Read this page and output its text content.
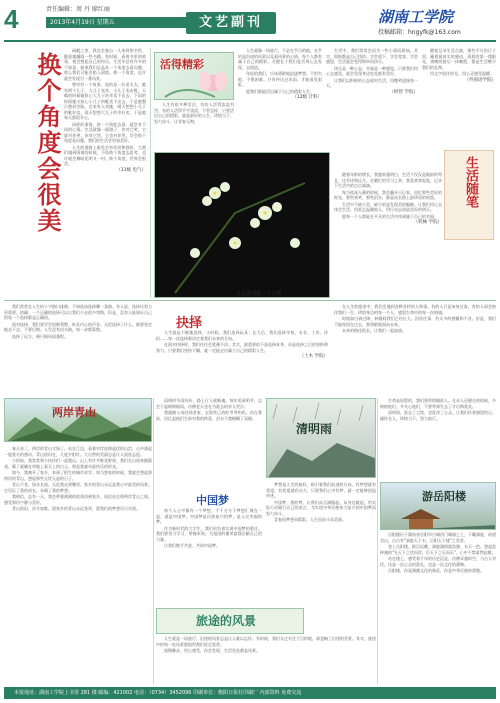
4	责任编辑：周 丹 廖红丽
2013年4月19日 星期五	文艺副刊	湖南工学院
投稿邮箱：hngyfk@163.com
换个角度会很美

闲暇之余，我总会独自一人来到图书馆，随意地翻阅一些书籍。有时候，看着书里的故事，便会想起自己的经历。生活中总有许多的不如意，如果我们总是从一个角度去看问题，那么我们可能会陷入困境。换一个角度，也许就会发现另一番风景。

曾经有一个故事，说的是一位老太太，她有两个儿子，大儿子卖伞，小儿子卖布鞋。天晴的时候她担心大儿子的伞卖不出去，下雨的时候她又担心小儿子的鞋卖不出去，于是她整日愁眉苦脸。后来有人劝她，晴天想想小儿子的鞋好卖，雨天想想大儿子的伞好卖，于是她每天都很开心。

同样的事情，换一个角度去看，就会有不同的心情。生活就像一面镜子，你对它笑，它就对你笑；你对它哭，它也对你哭。学会换个角度看问题，我们的生活会更加美好。

人生的道路上难免会有坎坷和挫折，当我们遇到困难的时候，不妨换个角度去思考，也许就会柳暗花明又一村。换个角度，世界会很美。

（11级 电气）
活得精彩

人生有很多种活法，有的人活得轰轰烈烈，有的人活得平平淡淡。不管怎样，只要活出自己的精彩，就是最好的人生。珍惜当下，努力奋斗，让青春无悔。

人生就像一场旅行，不必在乎目的地，在乎的是沿途的风景以及看风景的心情。每个人都有属于自己的精彩，关键在于我们是否用心去发现、去创造。

年轻的我们，应该勇敢地追逐梦想，不怕失败，不惧困难。只有经历过风雨，才能看见彩虹。

愿我们都能活出属于自己的精彩人生。

（12级 计科）

生活中，我们常常会因为一些小事而烦恼。其实，烦恼都是自己找的。学会放下，学会宽容，学会感恩，生活就会变得简单而快乐。

快乐是一种心态，幸福是一种感觉。只要我们用心去感受，就会发现身边处处都有美好。

让我们以积极的心态面对生活，用微笑迎接每一天。

（经管 学院）

随笔记录生活点滴，那些平凡的日子里，藏着最真实的感动。清晨的第一缕阳光，傍晚的最后一抹晚霞，都是生活赠予我们的礼物。

用文字留住时光，用心灵感受温暖。

（外国语学院）
文艺副刊第二十五期
生活随笔

随着年龄的增长，我越来越明白，生活不仅仅是眼前的苟且，还有诗和远方。在繁忙的学习之余，我喜欢拿起笔，记录下生活中的点点滴滴。

每当夜深人静的时候，我会翻开日记本，回忆那些美好的时光。那些欢笑，那些泪水，都是成长路上最珍贵的财富。

生活中不缺少美，缺少的是发现美的眼睛。让我们用心去体会生活，用爱去温暖他人，用行动去创造美好的明天。

愿每一个人都能在平凡的生活中找到属于自己的幸福。

（机械 学院）

我们常常在人生的十字路口徘徊，不知道该选择哪一条路。有人说，选择比努力更重要。的确，一个正确的选择可以让我们少走很多弯路。但是，没有人能保证自己的每一个选择都是正确的。

面对选择，我们要学会权衡利弊，听从内心的声音。无论选择了什么，都要坚定地走下去，不要后悔。人生没有回头路，每一步都算数。

选择了远方，便只顾风雨兼程。

抉择

人生就是不断地选择。小时候，我们选择玩具；长大后，我们选择学校、专业、工作、伴侣……每一次选择都决定着我们未来的方向。

在面对抉择时，我们往往会犹豫不决。其实，最重要的不是选择本身，而是选择之后的坚持和努力。只要我们坚持不懈，就一定能走出属于自己的精彩人生。

（土木 学院）

在人生的旅途中，我们会遇到各种各样的人和事。有的人只是匆匆过客，有的人却会陪伴我们一生。珍惜身边的每一个人，感恩生命中的每一次相遇。

时间如白驹过隙，转眼间我们已经长大。回首往事，有太多的感慨和不舍。但是，我们不能停留在过去，要勇敢地面向未来。

未来的路还很长，让我们一起加油。

两岸青山

春天来了，两岸的青山又绿了。站在江边，看着对岸连绵起伏的山峦，心中涌起一股莫名的感动。青山依旧在，几度夕阳红。大自然的美丽总是让人流连忘返。

小时候，我常常和小伙伴们一起爬山。山上有许多野花野果，我们在山间奔跑嬉戏，累了就躺在草地上看天上的白云。那是我童年最快乐的时光。

如今，我离开了家乡，来到了陌生的城市求学。每当想家的时候，我就会想起那两岸的青山，想起那些无忧无虑的日子。

青山不老，绿水长流。无论我走到哪里，家乡的青山永远是我心中最美的风景。它见证了我的成长，承载了我的梦想。

我相信，总有一天，我会带着满满的收获回到家乡，再次站在那两岸青山之间，感受那份宁静与美好。

青山依旧，岁月如歌。愿家乡的青山永远苍翠，愿我们的梦想早日实现。

清明时节雨纷纷，路上行人欲断魂。每年的清明节，总会下起绵绵细雨，仿佛老天也在为逝去的亲人哭泣。

我跟随父母回到老家，去祭拜已故的爷爷奶奶。站在墓前，回忆起他们生前对我的疼爱，泪水不禁模糊了双眼。

清明雨

生命是短暂的，我们要珍惜眼前人。在亲人还健在的时候，多陪陪他们，多关心他们，不要等到失去了才后悔莫及。

清明雨，洗去了尘埃，也洗净了心灵。让我们怀着感恩的心，缅怀先人，珍惜当下，努力前行。

中国梦

每个人心中都有一个梦想，千千万万个梦想汇聚在一起，就是中国梦。中国梦是民族复兴的梦，是人民幸福的梦。

作为新时代的大学生，我们肩负着实现中国梦的重任。我们要努力学习，掌握本领，为祖国的繁荣富强贡献自己的力量。

让我们携手共进，共筑中国梦。

梦想是人生的航标，指引着我们前进的方向。有梦想就有希望，有希望就有动力。只要我们心中有梦，就一定能够创造奇迹。

中国梦，我的梦。让我们从点滴做起，从身边做起，用实际行动践行自己的诺言，为实现中华民族伟大复兴的中国梦而努力奋斗。

青春因梦想而精彩，人生因奋斗而美丽。

游岳阳楼

岳阳楼位于湖南省岳阳市古城西门城墙之上，下瞰洞庭，前望君山，自古有"洞庭天下水，岳阳天下楼"之美誉。

登上岳阳楼，极目远眺，洞庭湖烟波浩渺，水天一色。想起范仲淹的"先天下之忧而忧，后天下之乐而乐"，心中不禁肃然起敬。

站在楼上，感受着千年的历史沉淀，仿佛穿越时空，与古人对话。这是一次心灵的洗礼，也是一次文化的熏陶。

岳阳楼，你是湖湘文化的象征，你是中华民族的骄傲。

旅途的风景

人生就是一场旅行，沿途的风景总是让人难以忘怀。有时候，我们太过专注于目的地，却忽略了沿途的美景。其实，旅途中的每一处风景都值得我们驻足欣赏。

放慢脚步，用心感受，你会发现，生活处处都是风景。

本报地址：湖南工学院上书里 281 楼 邮编：421002 电话：（0734）3452096 印刷单位：衡阳日报社印刷厂 内部资料 免费交流
